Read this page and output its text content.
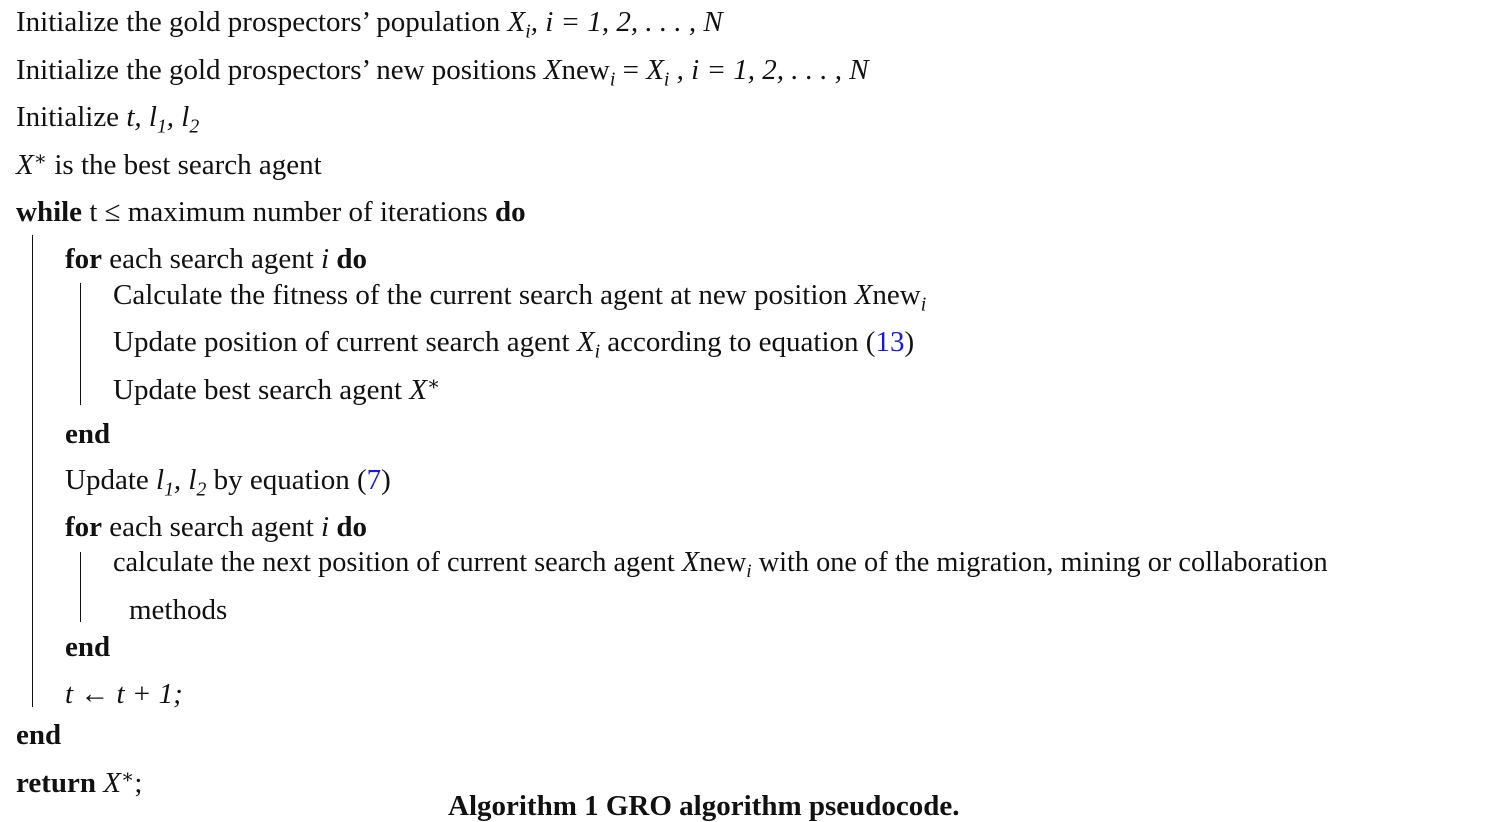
Initialize the gold prospectors’ population $X_i$, i = 1, 2, . . . , N
Initialize the gold prospectors’ new positions Xnew$_i$ = $X_i$ , i = 1, 2, . . . , N
Initialize t, $l_1$, $l_2$
X∗ is the best search agent
while t ≤ maximum number of iterations do
for each search agent i do
Calculate the fitness of the current search agent at new position Xnew$_i$
Update position of current search agent $X_i$ according to equation (13)
Update best search agent X∗
end
Update $l_1$, $l_2$ by equation (7)
for each search agent i do
calculate the next position of current search agent Xnew$_i$ with one of the migration, mining or collaboration
methods
end
t ← t + 1;
end
return X∗;
Algorithm 1 GRO algorithm pseudocode.
